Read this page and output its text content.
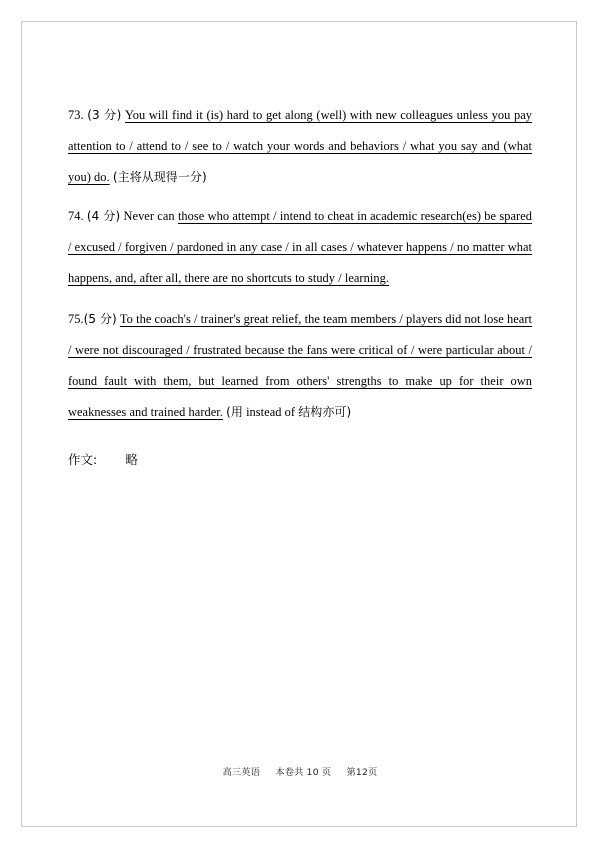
73. (3 分) You will find it (is) hard to get along (well) with new colleagues unless you pay attention to / attend to / see to / watch your words and behaviors / what you say and (what you) do. (主将从现得一分)

74. (4 分) Never can those who attempt / intend to cheat in academic research(es) be spared / excused / forgiven / pardoned in any case / in all cases / whatever happens / no matter what happens, and, after all, there are no shortcuts to study / learning.

75.(5 分) To the coach's / trainer's great relief, the team members / players did not lose heart / were not discouraged / frustrated because the fans were critical of / were particular about / found fault with them, but learned from others' strengths to make up for their own weaknesses and trained harder. (用 instead of 结构亦可)

作文: 略
高三英语 本卷共 10 页 第12页
